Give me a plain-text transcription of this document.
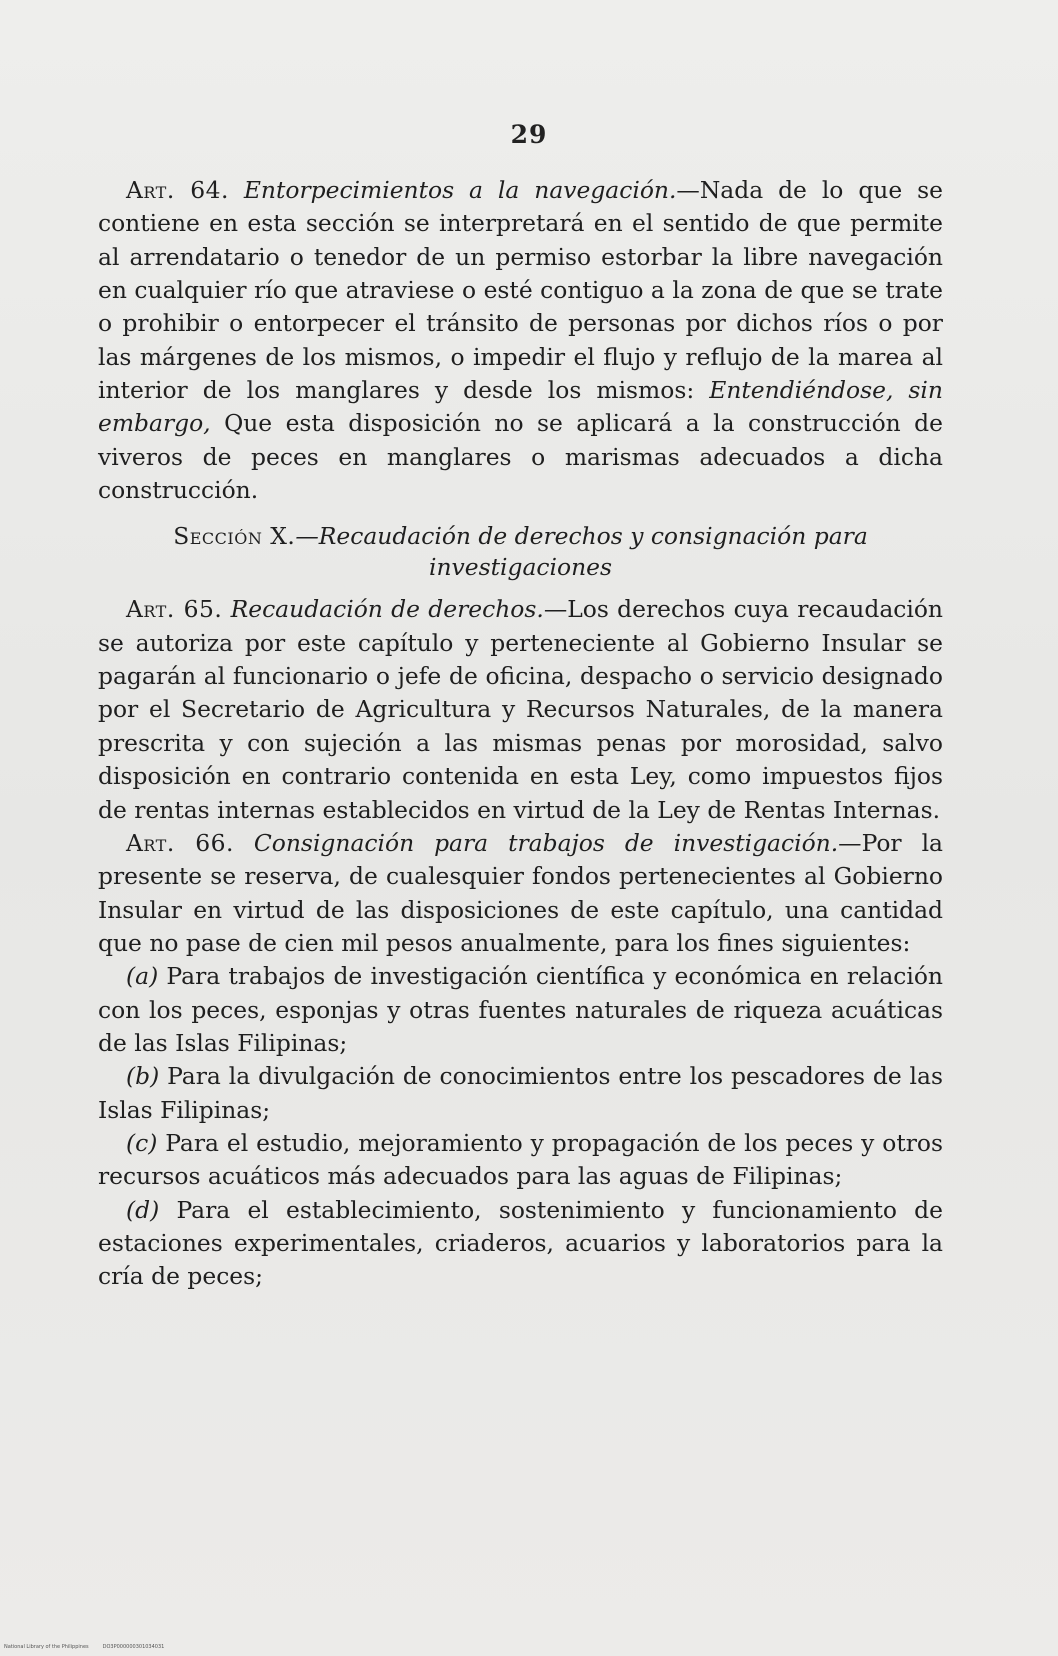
29

Art. 64. Entorpecimientos a la navegación.—Nada de lo que se contiene en esta sección se interpretará en el sentido de que permite al arrendatario o tenedor de un permiso estorbar la libre navegación en cualquier río que atraviese o esté contiguo a la zona de que se trate o prohibir o entorpecer el tránsito de personas por dichos ríos o por las márgenes de los mismos, o impedir el flujo y reflujo de la marea al interior de los manglares y desde los mismos: Entendiéndose, sin embargo, Que esta disposición no se aplicará a la construcción de viveros de peces en manglares o marismas adecuados a dicha construcción.

Sección X.—Recaudación de derechos y consignación para investigaciones

Art. 65. Recaudación de derechos.—Los derechos cuya recaudación se autoriza por este capítulo y perteneciente al Gobierno Insular se pagarán al funcionario o jefe de oficina, despacho o servicio designado por el Secretario de Agricultura y Recursos Naturales, de la manera prescrita y con sujeción a las mismas penas por morosidad, salvo disposición en contrario contenida en esta Ley, como impuestos fijos de rentas internas establecidos en virtud de la Ley de Rentas Internas.

Art. 66. Consignación para trabajos de investigación.—Por la presente se reserva, de cualesquier fondos pertenecientes al Gobierno Insular en virtud de las disposiciones de este capítulo, una cantidad que no pase de cien mil pesos anualmente, para los fines siguientes:

(a) Para trabajos de investigación científica y económica en relación con los peces, esponjas y otras fuentes naturales de riqueza acuáticas de las Islas Filipinas;

(b) Para la divulgación de conocimientos entre los pescadores de las Islas Filipinas;

(c) Para el estudio, mejoramiento y propagación de los peces y otros recursos acuáticos más adecuados para las aguas de Filipinas;

(d) Para el establecimiento, sostenimiento y funcionamiento de estaciones experimentales, criaderos, acuarios y laboratorios para la cría de peces;

National Library of the Philippines	DO3P000000301034031
